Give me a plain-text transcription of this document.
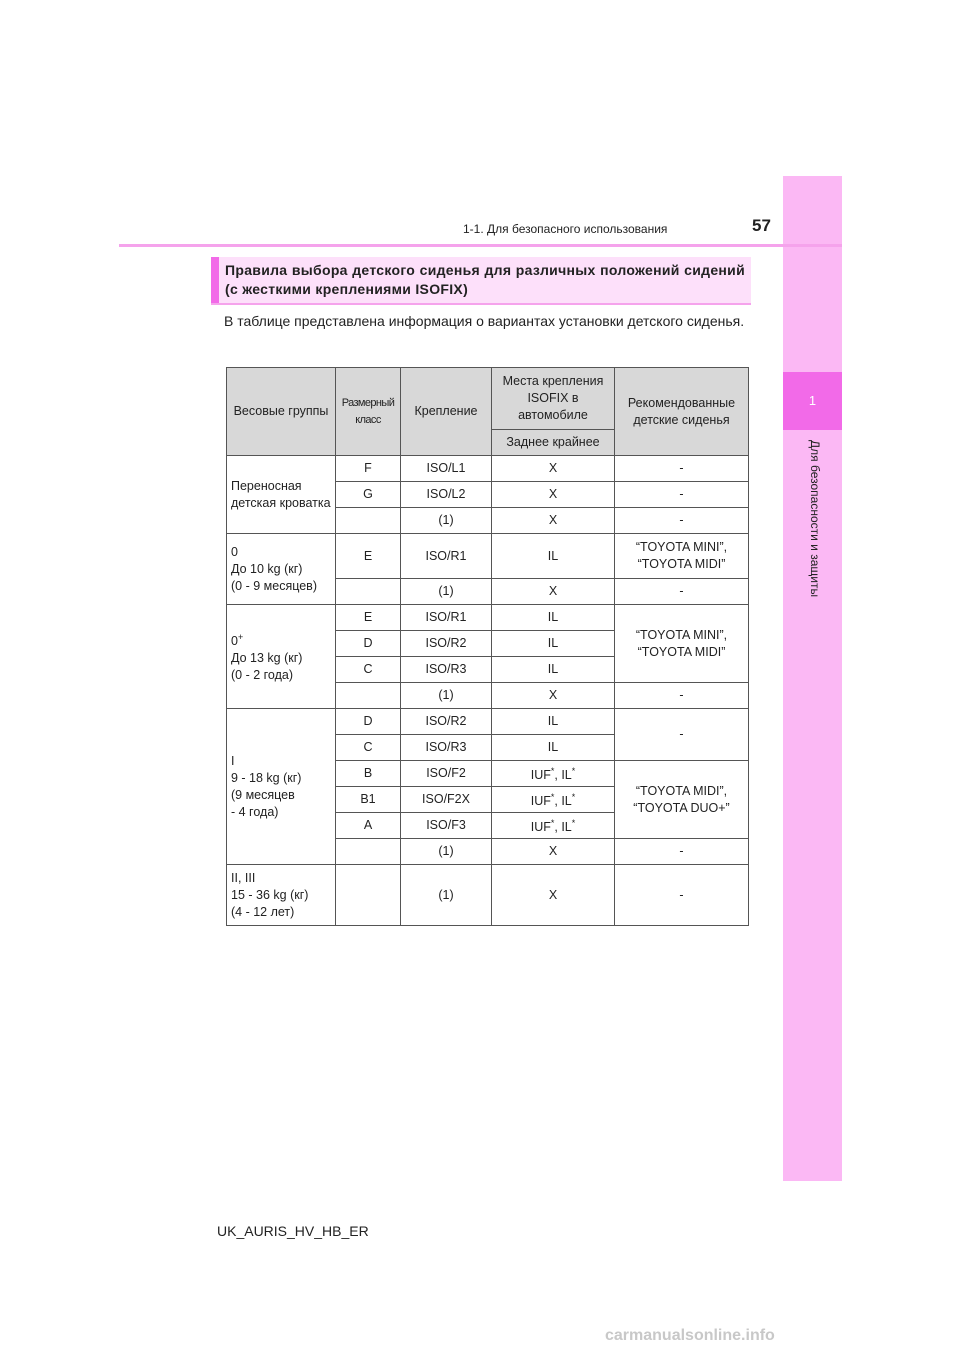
1
Для безопасности и защиты
1-1. Для безопасного использования	57
Правила выбора детского сиденья для различных положений сидений (с жесткими креплениями ISOFIX)
В таблице представлена информация о вариантах установки детского сиденья.
Весовые группы	Размерный класс	Крепление	Места крепления ISOFIX в автомобиле	Рекомендованные детские сиденья
			Заднее крайнее	
Переносная детская кроватка	F	ISO/L1	X	-
	G	ISO/L2	X	-
		(1)	X	-
0
До 10 kg (кг)
(0 - 9 месяцев)	E	ISO/R1	IL	“TOYOTA MINI”,
“TOYOTA MIDI”
		(1)	X	-
0+
До 13 kg (кг)
(0 - 2 года)	E	ISO/R1	IL	“TOYOTA MINI”,
“TOYOTA MIDI”
	D	ISO/R2	IL	
	C	ISO/R3	IL	
		(1)	X	-
I
9 - 18 kg (кг)
(9 месяцев
- 4 года)	D	ISO/R2	IL	-
	C	ISO/R3	IL	
	B	ISO/F2	IUF*, IL*	“TOYOTA MIDI”,
“TOYOTA DUO+”
	B1	ISO/F2X	IUF*, IL*
	A	ISO/F3	IUF*, IL*
		(1)	X	-
II, III
15 - 36 kg (кг)
(4 - 12 лет)		(1)	X	-
UK_AURIS_HV_HB_ER
carmanualsonline.info
